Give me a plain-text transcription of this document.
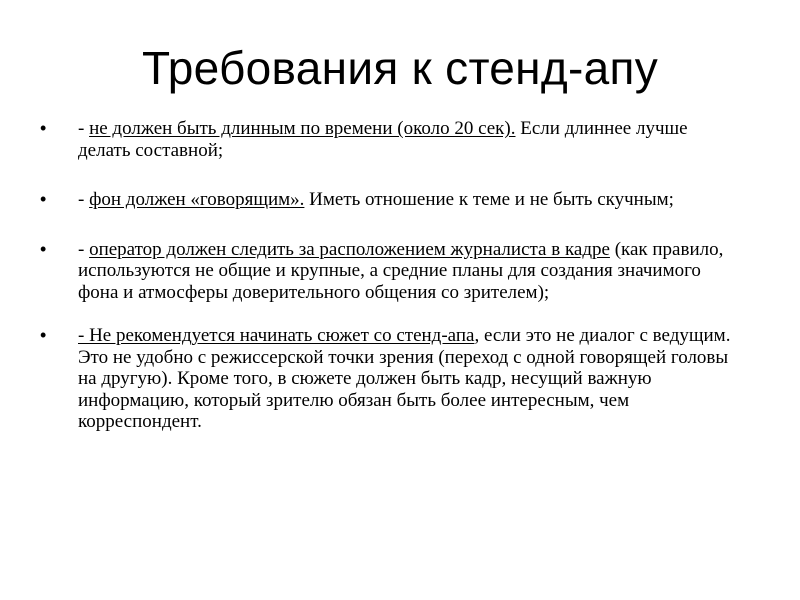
Требования к стенд-апу
• - не должен быть длинным по времени (около 20 сек). Если длиннее лучше делать составной;
• - фон должен «говорящим». Иметь отношение к теме и не быть скучным;
• - оператор должен следить за расположением журналиста в кадре (как правило, используются не общие и крупные, а средние планы для создания значимого фона и атмосферы доверительного общения со зрителем);
• - Не рекомендуется начинать сюжет со стенд-апа, если это не диалог с ведущим. Это не удобно с режиссерской точки зрения (переход с одной говорящей головы на другую). Кроме того, в сюжете должен быть кадр, несущий важную информацию, который зрителю обязан быть более интересным, чем корреспондент.
